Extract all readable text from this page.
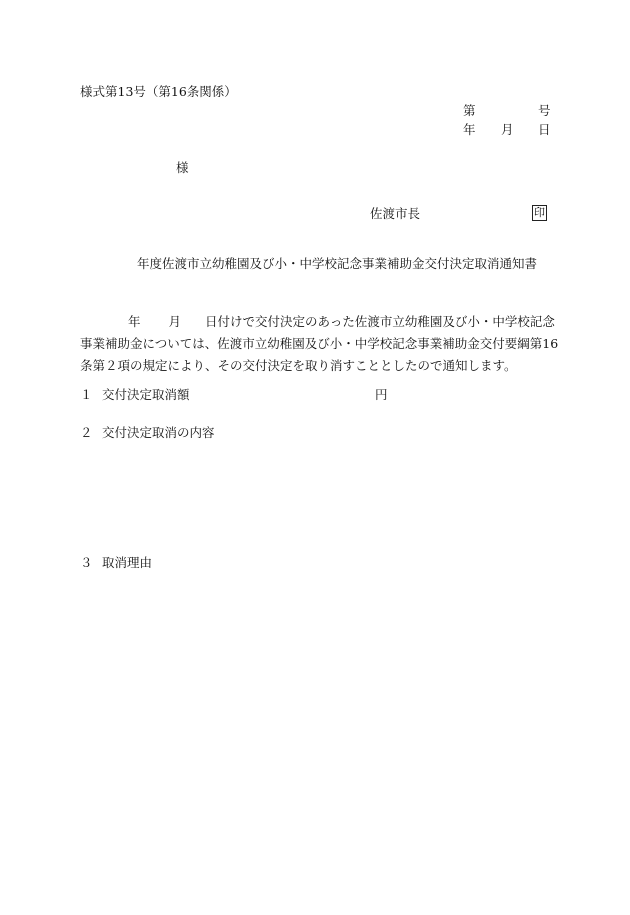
様式第13号（第16条関係）
第	号
年 月 日
様
佐渡市長	印
年度佐渡市立幼稚園及び小・中学校記念事業補助金交付決定取消通知書
年 月 日付けで交付決定のあった佐渡市立幼稚園及び小・中学校記念
事業補助金については、佐渡市立幼稚園及び小・中学校記念事業補助金交付要綱第16
条第２項の規定により、その交付決定を取り消すこととしたので通知します。
１ 交付決定取消額	円
２ 交付決定取消の内容
３ 取消理由
